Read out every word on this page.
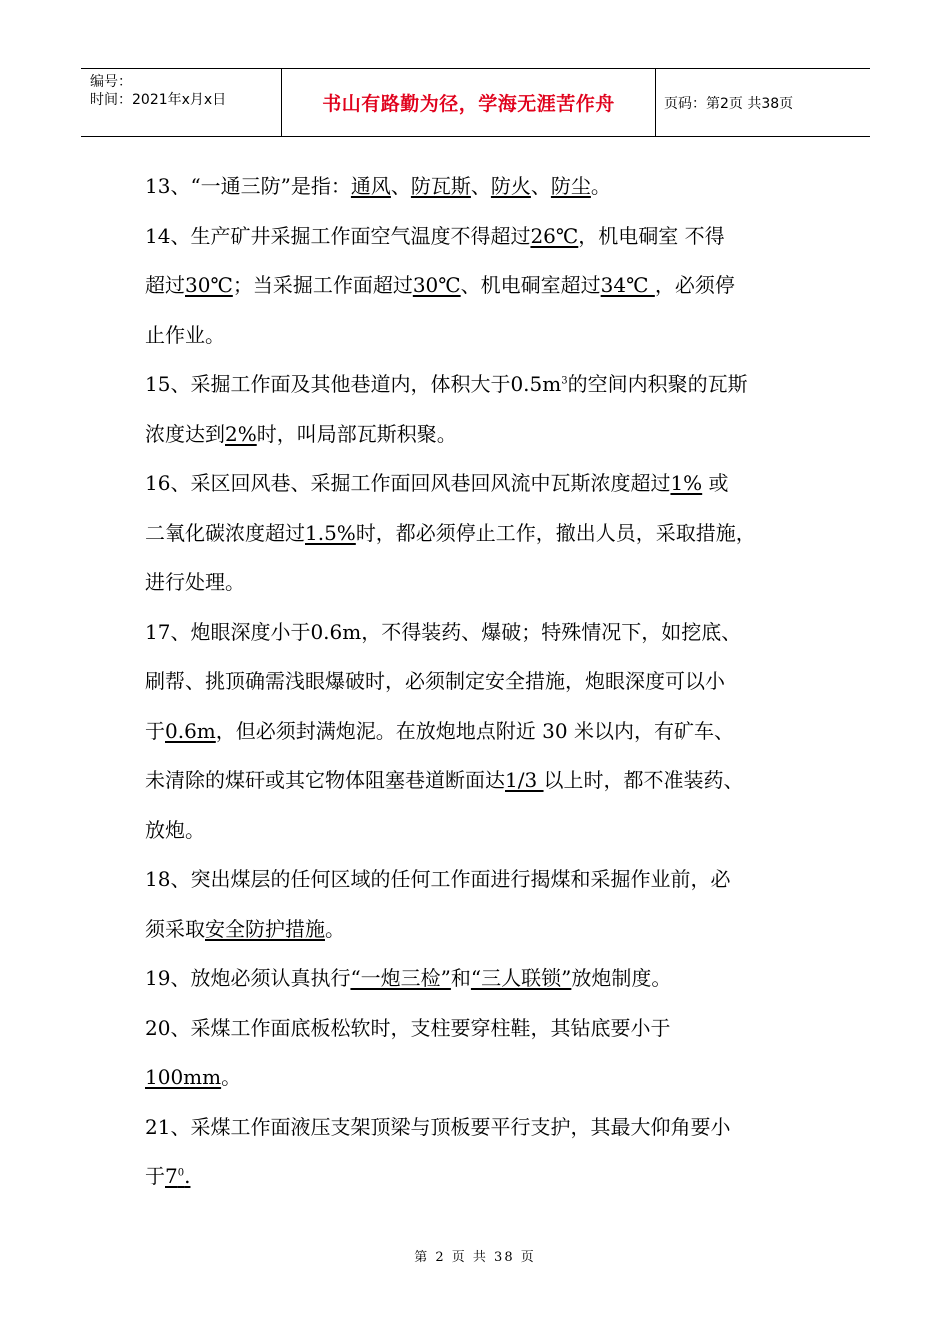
编号：
时间：2021年x月x日	书山有路勤为径，学海无涯苦作舟	页码：第2页 共38页

13、“一通三防”是指：通风、防瓦斯、防火、防尘。

14、生产矿井采掘工作面空气温度不得超过26℃，机电硐室 不得

超过30℃；当采掘工作面超过30℃、机电硐室超过34℃ ，必须停

止作业。

15、采掘工作面及其他巷道内，体积大于$0.5m^3$的空间内积聚的瓦斯

浓度达到2%时，叫局部瓦斯积聚。

16、采区回风巷、采掘工作面回风巷回风流中瓦斯浓度超过1% 或

二氧化碳浓度超过1.5%时，都必须停止工作，撤出人员，采取措施，

进行处理。

17、炮眼深度小于0.6m，不得装药、爆破；特殊情况下，如挖底、

刷帮、挑顶确需浅眼爆破时，必须制定安全措施，炮眼深度可以小

于0.6m，但必须封满炮泥。在放炮地点附近 30 米以内，有矿车、

未清除的煤矸或其它物体阻塞巷道断面达1/3 以上时，都不准装药、

放炮。

18、突出煤层的任何区域的任何工作面进行揭煤和采掘作业前，必

须采取安全防护措施。

19、放炮必须认真执行“一炮三检”和“三人联锁”放炮制度。

20、采煤工作面底板松软时，支柱要穿柱鞋，其钻底要小于

100mm。

21、采煤工作面液压支架顶梁与顶板要平行支护，其最大仰角要小

于$7^0$.

第 2 页 共 38 页
